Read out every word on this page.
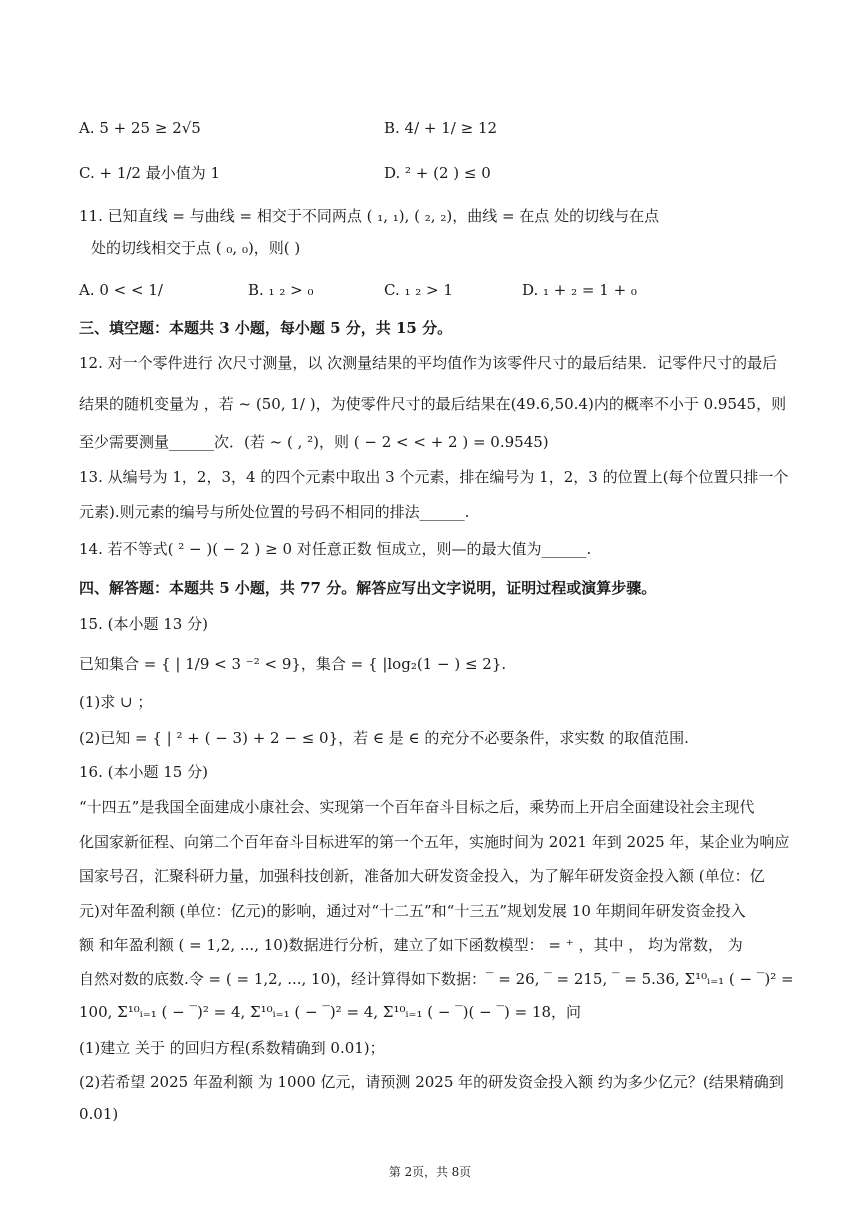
A. 5 + 25 ≥ 2√5	B. 4/ + 1/ ≥ 12
C. + 1/2 最小值为 1	D. ² + (2 ) ≤ 0
11. 已知直线 = 与曲线 = 相交于不同两点 ( ₁, ₁), ( ₂, ₂)，曲线 = 在点 处的切线与在点
处的切线相交于点 ( ₀, ₀)，则( )
A. 0 < < 1/	B. ₁ ₂ > ₀	C. ₁ ₂ > 1	D. ₁ + ₂ = 1 + ₀
三、填空题：本题共 3 小题，每小题 5 分，共 15 分。
12. 对一个零件进行 次尺寸测量，以 次测量结果的平均值作为该零件尺寸的最后结果．记零件尺寸的最后
结果的随机变量为 ，若 ~ (50, 1/ )，为使零件尺寸的最后结果在(49.6,50.4)内的概率不小于 0.9545，则
至少需要测量______次．(若 ~ ( , ²)，则 ( − 2 < < + 2 ) = 0.9545)
13. 从编号为 1，2，3，4 的四个元素中取出 3 个元素，排在编号为 1，2，3 的位置上(每个位置只排一个
元素).则元素的编号与所处位置的号码不相同的排法______.
14. 若不等式( ² − )( − 2 ) ≥ 0 对任意正数 恒成立，则—的最大值为______.
四、解答题：本题共 5 小题，共 77 分。解答应写出文字说明，证明过程或演算步骤。
15. (本小题 13 分)
已知集合 = { | 1/9 < 3 ⁻² < 9}，集合 = { |log₂(1 − ) ≤ 2}.
(1)求 ∪ ；
(2)已知 = { | ² + ( − 3) + 2 − ≤ 0}，若 ∈ 是 ∈ 的充分不必要条件，求实数 的取值范围.
16. (本小题 15 分)
“十四五”是我国全面建成小康社会、实现第一个百年奋斗目标之后，乘势而上开启全面建设社会主现代
化国家新征程、向第二个百年奋斗目标进军的第一个五年，实施时间为 2021 年到 2025 年，某企业为响应
国家号召，汇聚科研力量，加强科技创新，准备加大研发资金投入，为了解年研发资金投入额 (单位：亿
元)对年盈利额 (单位：亿元)的影响，通过对“十二五”和“十三五”规划发展 10 年期间年研发资金投入
额 和年盈利额 ( = 1,2, ..., 10)数据进行分析，建立了如下函数模型： = ⁺ ，其中 ， 均为常数， 为
自然对数的底数.令 = ( = 1,2, ..., 10)，经计算得如下数据：‾ = 26, ‾ = 215, ‾ = 5.36, Σ¹⁰ᵢ₌₁ ( − ‾)² =
100, Σ¹⁰ᵢ₌₁ ( − ‾)² = 4, Σ¹⁰ᵢ₌₁ ( − ‾)² = 4, Σ¹⁰ᵢ₌₁ ( − ‾)( − ‾) = 18，问
(1)建立 关于 的回归方程(系数精确到 0.01)；
(2)若希望 2025 年盈利额 为 1000 亿元，请预测 2025 年的研发资金投入额 约为多少亿元？(结果精确到
0.01)
第 2页，共 8页
